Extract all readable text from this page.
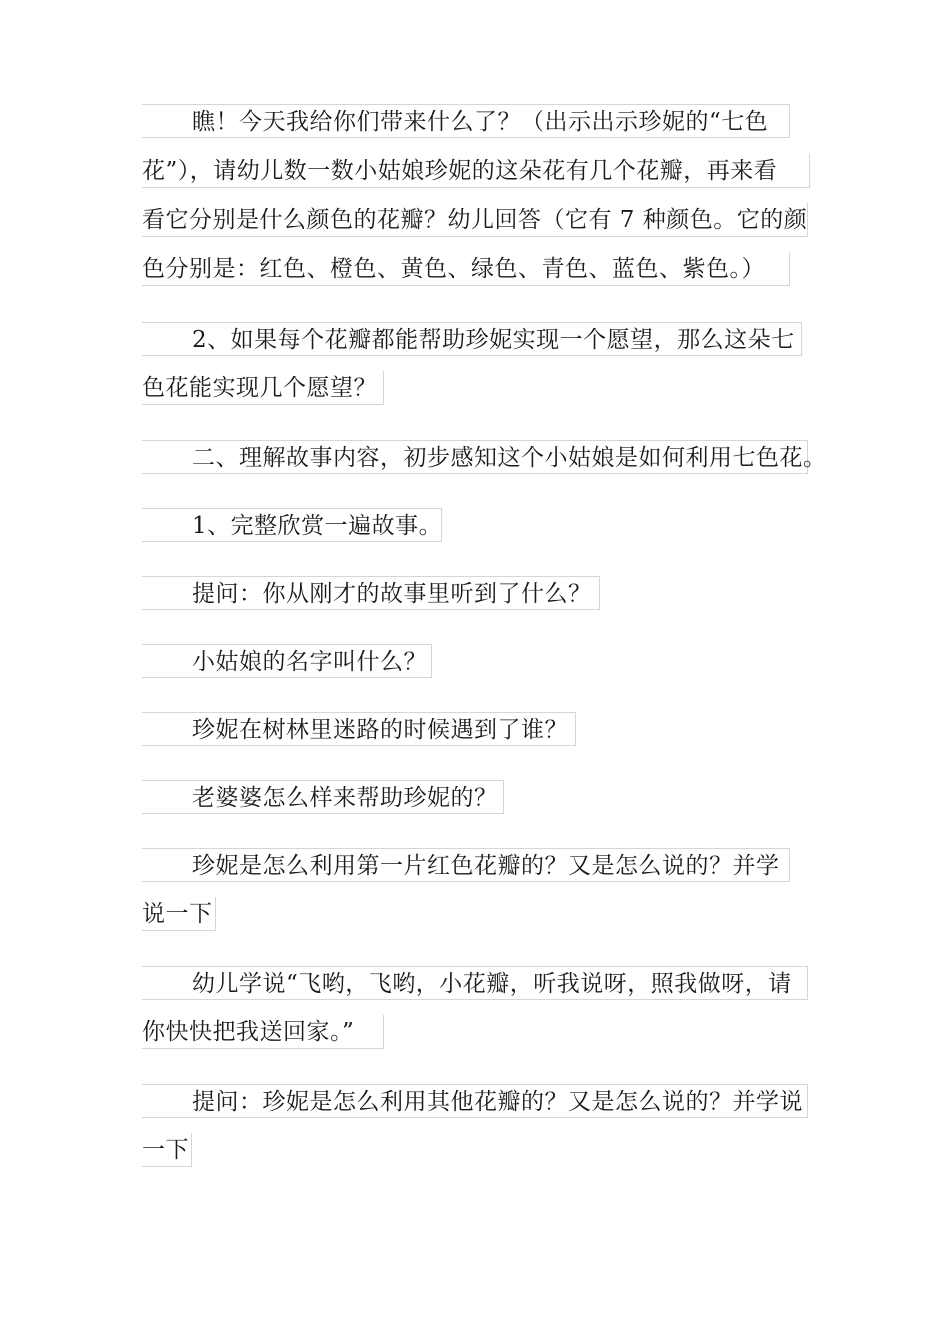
瞧！今天我给你们带来什么了？（出示出示珍妮的“七色
花”），请幼儿数一数小姑娘珍妮的这朵花有几个花瓣，再来看
看它分别是什么颜色的花瓣？幼儿回答（它有 7 种颜色。它的颜
色分别是：红色、橙色、黄色、绿色、青色、蓝色、紫色。）
2、如果每个花瓣都能帮助珍妮实现一个愿望，那么这朵七
色花能实现几个愿望？
二、理解故事内容，初步感知这个小姑娘是如何利用七色花。
1、完整欣赏一遍故事。
提问：你从刚才的故事里听到了什么？
小姑娘的名字叫什么？
珍妮在树林里迷路的时候遇到了谁？
老婆婆怎么样来帮助珍妮的？
珍妮是怎么利用第一片红色花瓣的？又是怎么说的？并学
说一下
幼儿学说“飞哟，飞哟，小花瓣，听我说呀，照我做呀，请
你快快把我送回家。”
提问：珍妮是怎么利用其他花瓣的？又是怎么说的？并学说
一下
